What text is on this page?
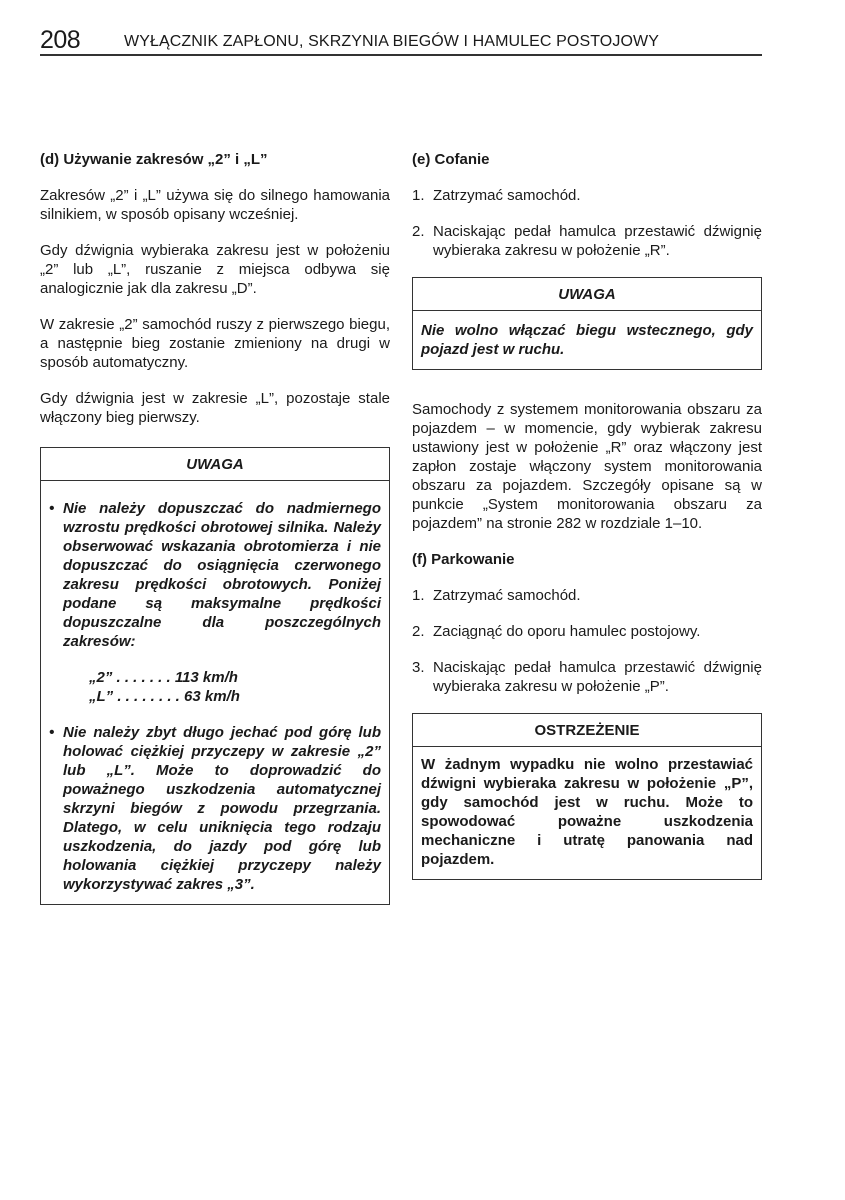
208	WYŁĄCZNIK ZAPŁONU, SKRZYNIA BIEGÓW I HAMULEC POSTOJOWY
(d) Używanie zakresów „2” i „L”
Zakresów „2” i „L” używa się do silnego hamowania silnikiem, w sposób opisany wcześniej.
Gdy dźwignia wybieraka zakresu jest w położeniu „2” lub „L”, ruszanie z miejsca odbywa się analogicznie jak dla zakresu „D”.
W zakresie „2” samochód ruszy z pierwszego biegu, a następnie bieg zostanie zmieniony na drugi w sposób automatyczny.
Gdy dźwignia jest w zakresie „L”, pozostaje stale włączony bieg pierwszy.
UWAGA
• Nie należy dopuszczać do nadmiernego wzrostu prędkości obrotowej silnika. Należy obserwować wskazania obrotomierza i nie dopuszczać do osiągnięcia czerwonego zakresu prędkości obrotowych. Poniżej podane są maksymalne prędkości dopuszczalne dla poszczególnych zakresów:
„2” . . . . . . . 113 km/h
„L” . . . . . . . . 63 km/h
• Nie należy zbyt długo jechać pod górę lub holować ciężkiej przyczepy w zakresie „2” lub „L”. Może to doprowadzić do poważnego uszkodzenia automatycznej skrzyni biegów z powodu przegrzania. Dlatego, w celu uniknięcia tego rodzaju uszkodzenia, do jazdy pod górę lub holowania ciężkiej przyczepy należy wykorzystywać zakres „3”.
(e) Cofanie
1. Zatrzymać samochód.
2. Naciskając pedał hamulca przestawić dźwignię wybieraka zakresu w położenie „R”.
UWAGA
Nie wolno włączać biegu wstecznego, gdy pojazd jest w ruchu.
Samochody z systemem monitorowania obszaru za pojazdem – w momencie, gdy wybierak zakresu ustawiony jest w położenie „R” oraz włączony jest zapłon zostaje włączony system monitorowania obszaru za pojazdem. Szczegóły opisane są w punkcie „System monitorowania obszaru za pojazdem” na stronie 282 w rozdziale 1–10.
(f) Parkowanie
1. Zatrzymać samochód.
2. Zaciągnąć do oporu hamulec postojowy.
3. Naciskając pedał hamulca przestawić dźwignię wybieraka zakresu w położenie „P”.
OSTRZEŻENIE
W żadnym wypadku nie wolno przestawiać dźwigni wybieraka zakresu w położenie „P”, gdy samochód jest w ruchu. Może to spowodować poważne uszkodzenia mechaniczne i utratę panowania nad pojazdem.
